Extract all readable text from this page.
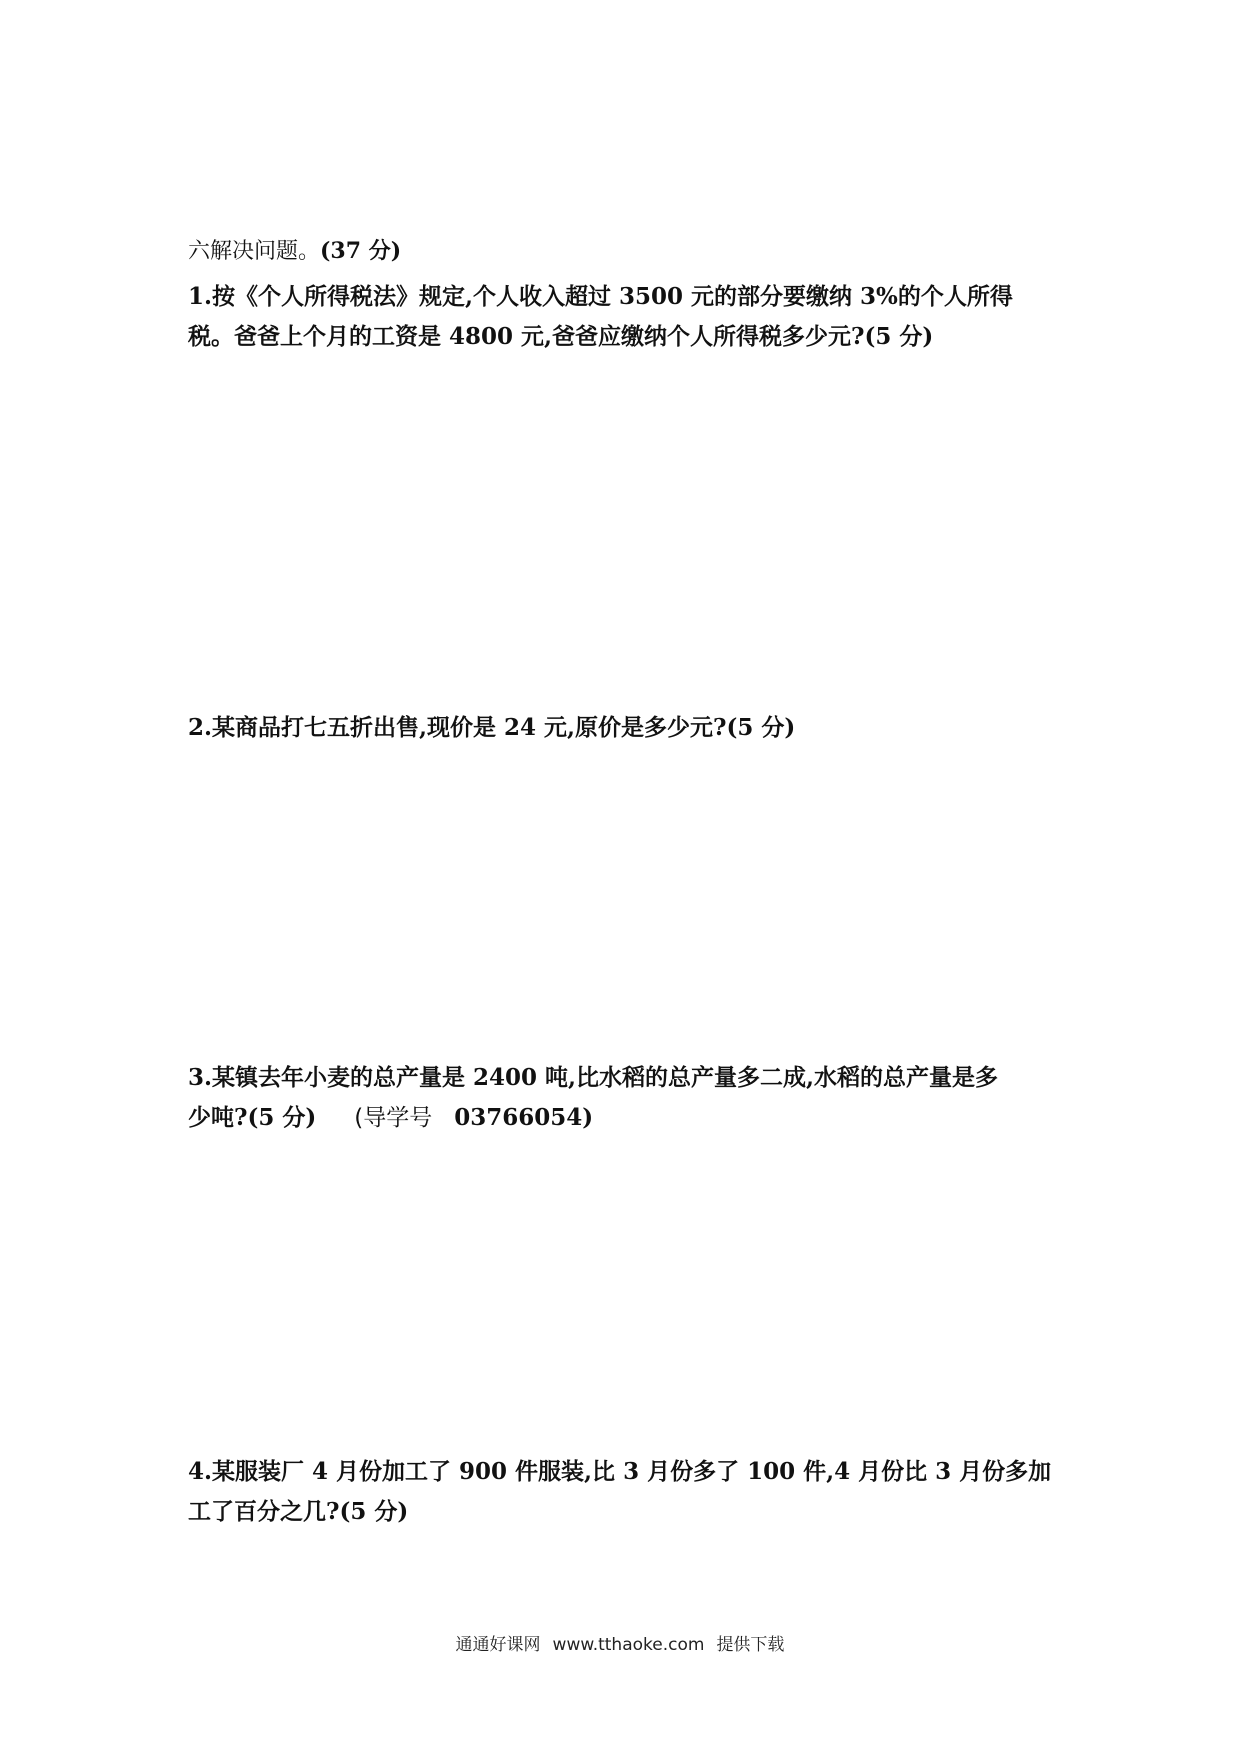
六解决问题。(37 分)

1.按《个人所得税法》规定,个人收入超过 3500 元的部分要缴纳 3%的个人所得

税。爸爸上个月的工资是 4800 元,爸爸应缴纳个人所得税多少元?(5 分)

2.某商品打七五折出售,现价是 24 元,原价是多少元?(5 分)

3.某镇去年小麦的总产量是 2400 吨,比水稻的总产量多二成,水稻的总产量是多

少吨?(5 分) (导学号 03766054)

4.某服装厂 4 月份加工了 900 件服装,比 3 月份多了 100 件,4 月份比 3 月份多加

工了百分之几?(5 分)

通通好课网 www.tthaoke.com 提供下载
